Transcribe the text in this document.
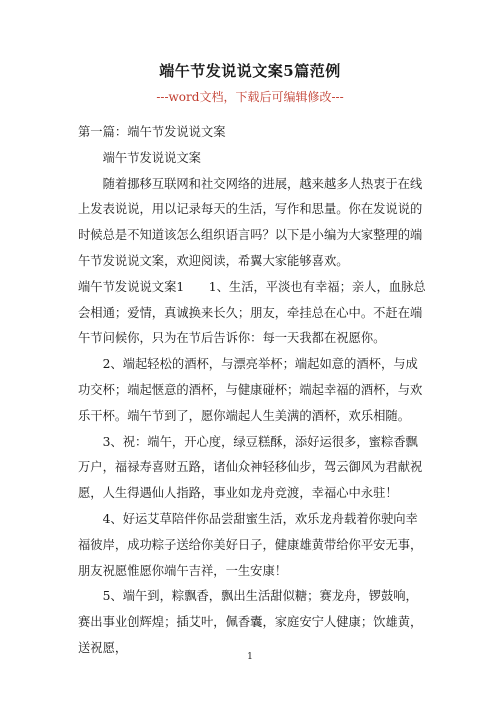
端午节发说说文案5篇范例
---word文档，下载后可编辑修改---

第一篇：端午节发说说文案

端午节发说说文案

随着挪移互联网和社交网络的进展，越来越多人热衷于在线上发表说说，用以记录每天的生活，写作和思量。你在发说说的时候总是不知道该怎么组织语言吗？以下是小编为大家整理的端午节发说说文案，欢迎阅读，希翼大家能够喜欢。

端午节发说说文案1　　1、生活，平淡也有幸福；亲人，血脉总会相通；爱情，真诚换来长久；朋友，牵挂总在心中。不赶在端午节问候你，只为在节后告诉你：每一天我都在祝愿你。

2、端起轻松的酒杯，与漂亮举杯；端起如意的酒杯，与成功交杯；端起惬意的酒杯，与健康碰杯；端起幸福的酒杯，与欢乐干杯。端午节到了，愿你端起人生美满的酒杯，欢乐相随。

3、祝：端午，开心度，绿豆糕酥，添好运很多，蜜粽香飘万户，福禄寿喜财五路，诸仙众神轻移仙步，驾云御风为君献祝愿，人生得遇仙人指路，事业如龙舟竞渡，幸福心中永驻！

4、好运艾草陪伴你品尝甜蜜生活，欢乐龙舟载着你驶向幸福彼岸，成功粽子送给你美好日子，健康雄黄带给你平安无事，朋友祝愿惟愿你端午吉祥，一生安康！

5、端午到，粽飘香，飘出生活甜似糖；赛龙舟，锣鼓响，赛出事业创辉煌；插艾叶，佩香囊，家庭安宁人健康；饮雄黄，送祝愿，

1
